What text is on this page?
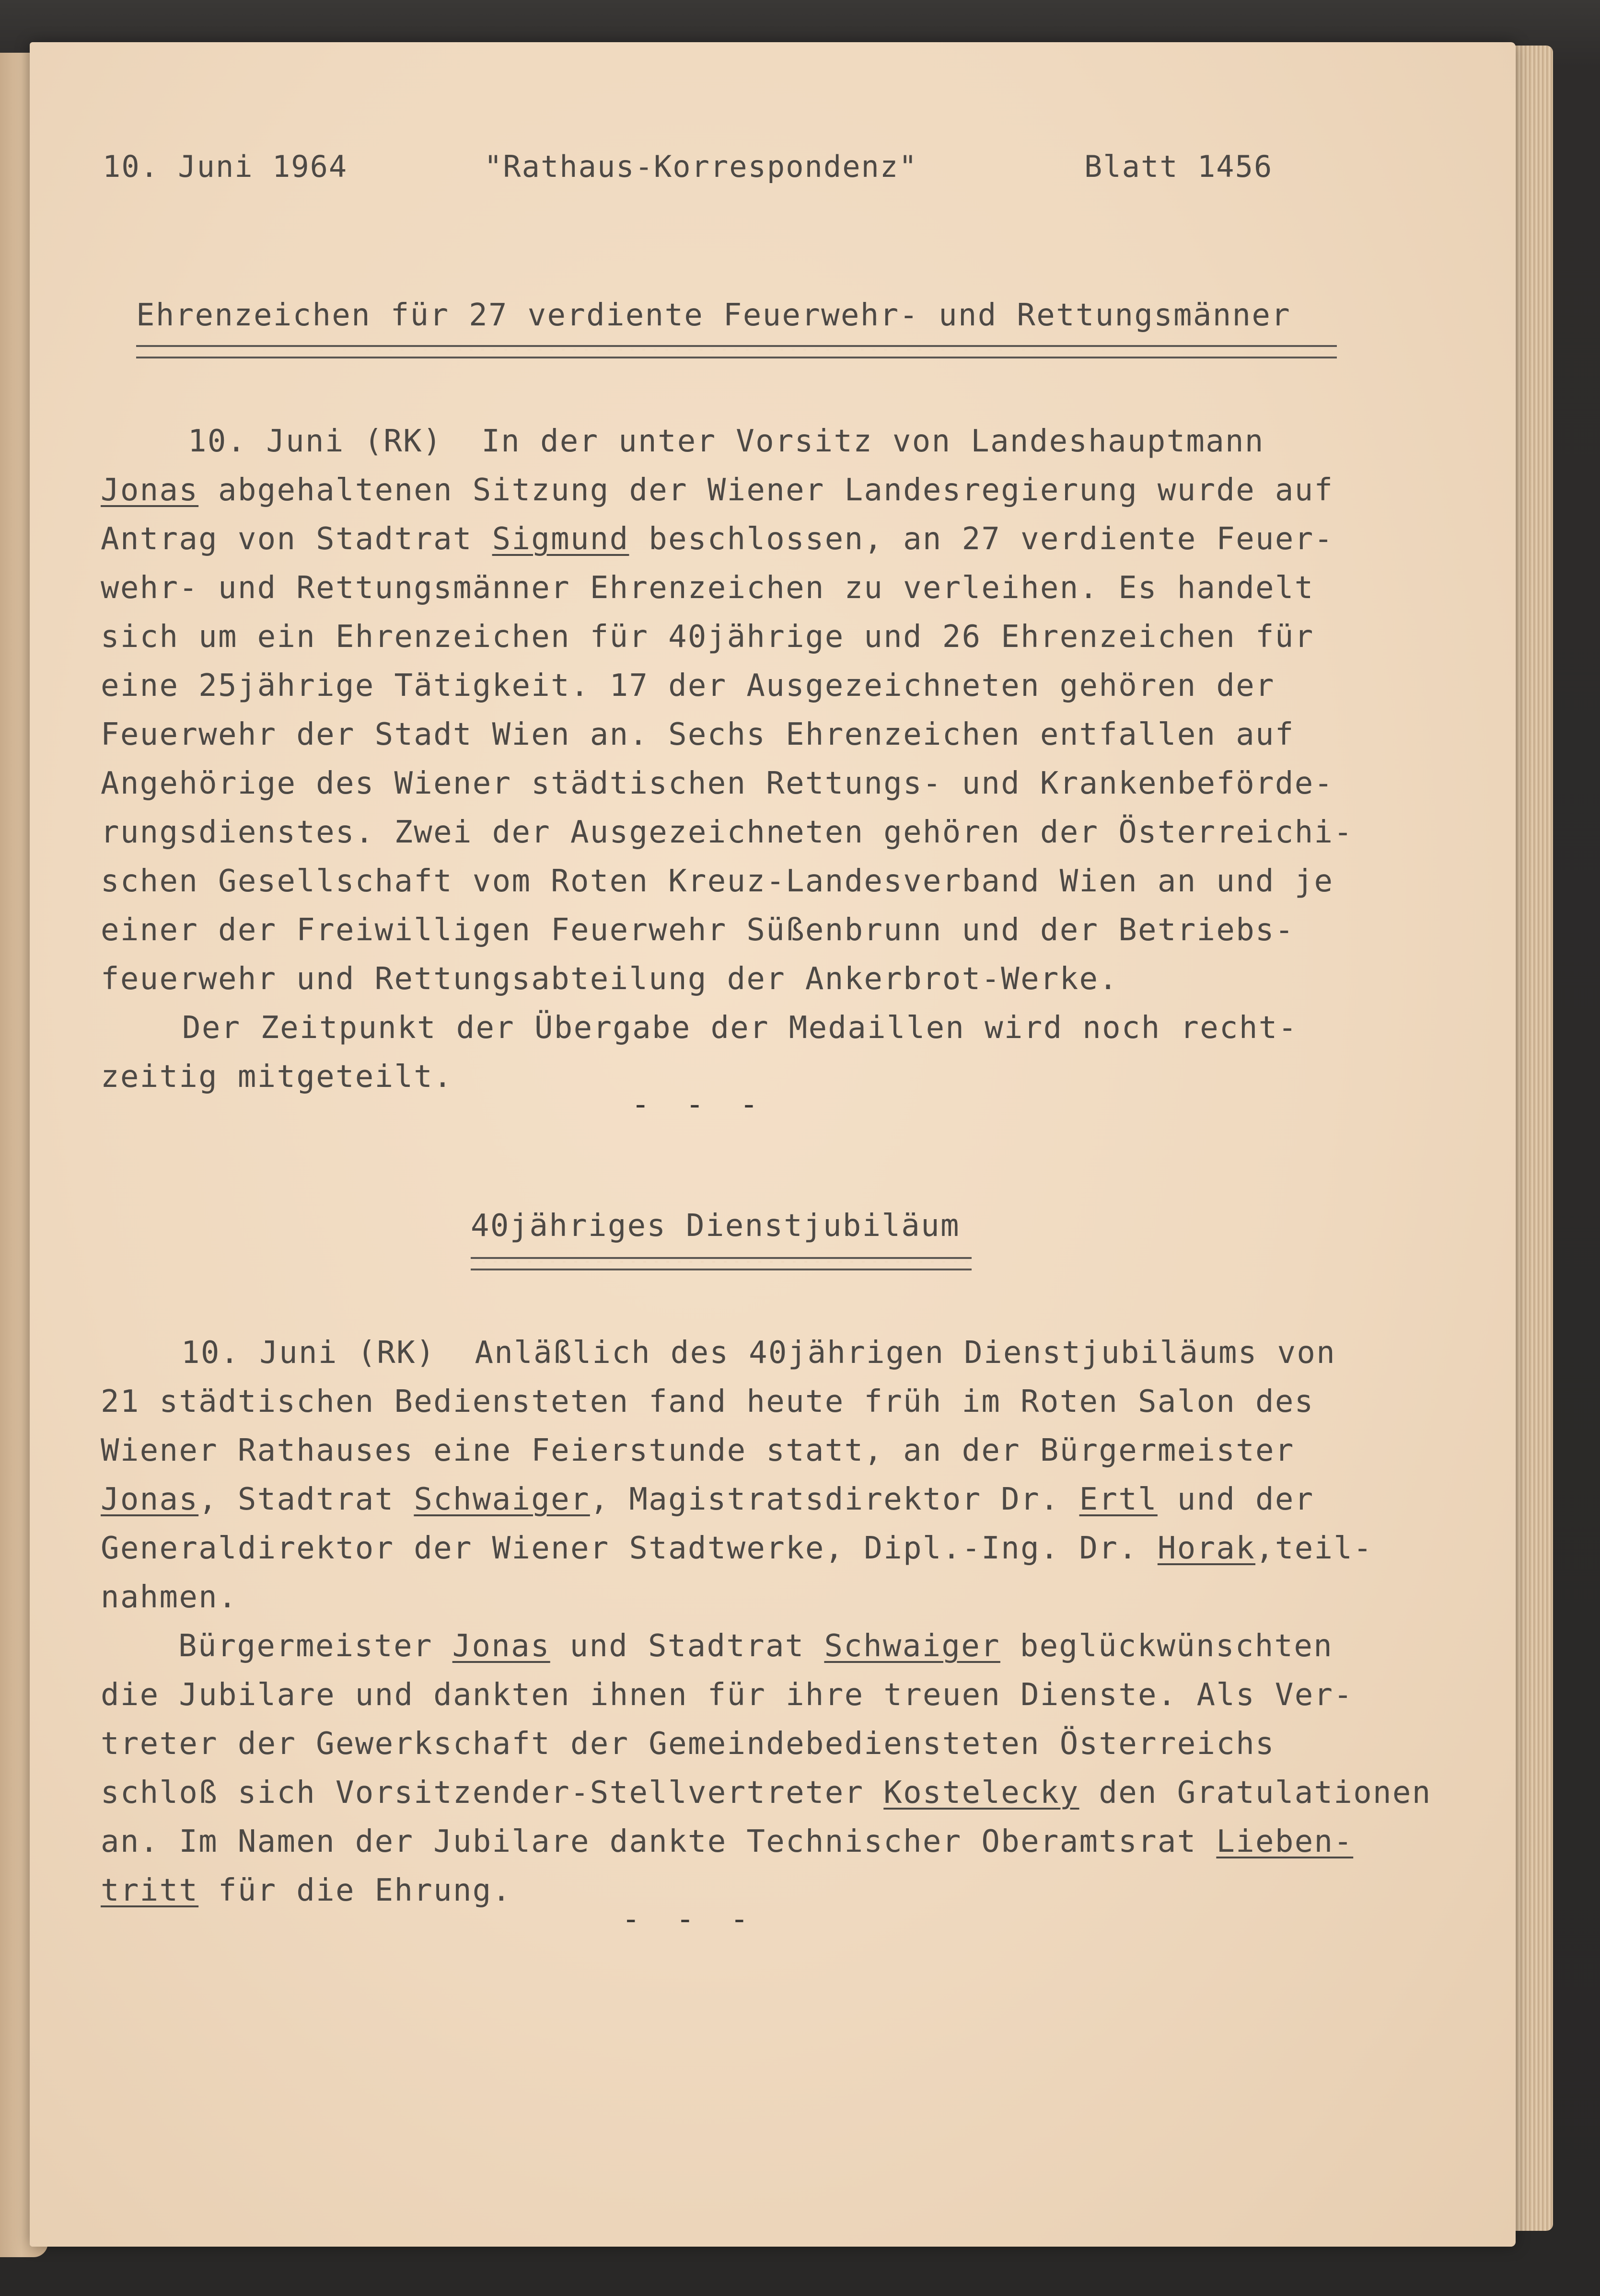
10. Juni 1964	"Rathaus-Korrespondenz"	Blatt 1456
Ehrenzeichen für 27 verdiente Feuerwehr- und Rettungsmänner
10. Juni (RK)  In der unter Vorsitz von Landeshauptmann
Jonas abgehaltenen Sitzung der Wiener Landesregierung wurde auf
Antrag von Stadtrat Sigmund beschlossen, an 27 verdiente Feuer-
wehr- und Rettungsmänner Ehrenzeichen zu verleihen. Es handelt
sich um ein Ehrenzeichen für 40jährige und 26 Ehrenzeichen für
eine 25jährige Tätigkeit. 17 der Ausgezeichneten gehören der
Feuerwehr der Stadt Wien an. Sechs Ehrenzeichen entfallen auf
Angehörige des Wiener städtischen Rettungs- und Krankenbeförde-
rungsdienstes. Zwei der Ausgezeichneten gehören der Österreichi-
schen Gesellschaft vom Roten Kreuz-Landesverband Wien an und je
einer der Freiwilligen Feuerwehr Süßenbrunn und der Betriebs-
feuerwehr und Rettungsabteilung der Ankerbrot-Werke.
Der Zeitpunkt der Übergabe der Medaillen wird noch recht-
zeitig mitgeteilt.
- - -
40jähriges Dienstjubiläum
10. Juni (RK)  Anläßlich des 40jährigen Dienstjubiläums von
21 städtischen Bediensteten fand heute früh im Roten Salon des
Wiener Rathauses eine Feierstunde statt, an der Bürgermeister
Jonas, Stadtrat Schwaiger, Magistratsdirektor Dr. Ertl und der
Generaldirektor der Wiener Stadtwerke, Dipl.-Ing. Dr. Horak,teil-
nahmen.
Bürgermeister Jonas und Stadtrat Schwaiger beglückwünschten
die Jubilare und dankten ihnen für ihre treuen Dienste. Als Ver-
treter der Gewerkschaft der Gemeindebediensteten Österreichs
schloß sich Vorsitzender-Stellvertreter Kostelecky den Gratulationen
an. Im Namen der Jubilare dankte Technischer Oberamtsrat Lieben-
tritt für die Ehrung.
- - -
